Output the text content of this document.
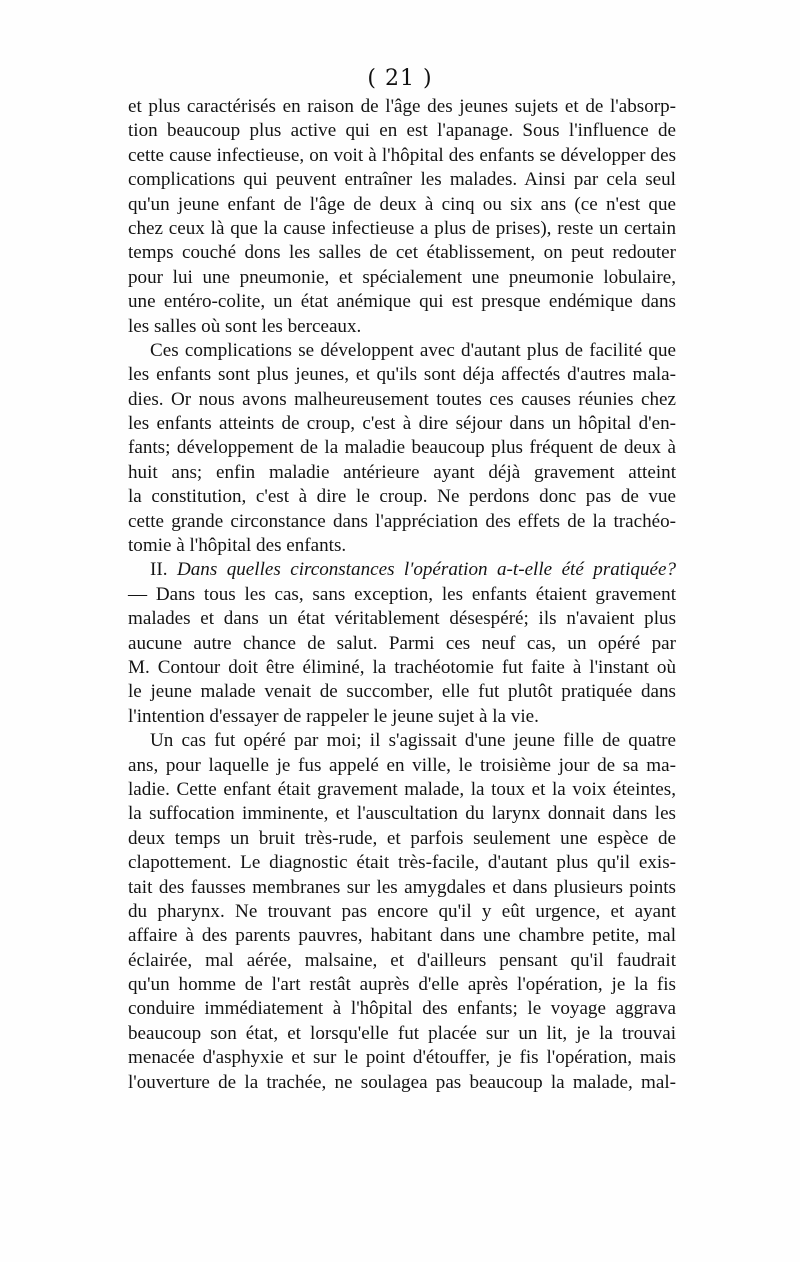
( 21 )
et plus caractérisés en raison de l'âge des jeunes sujets et de l'absorp-
tion beaucoup plus active qui en est l'apanage. Sous l'influence de
cette cause infectieuse, on voit à l'hôpital des enfants se développer des
complications qui peuvent entraîner les malades. Ainsi par cela seul
qu'un jeune enfant de l'âge de deux à cinq ou six ans (ce n'est que
chez ceux là que la cause infectieuse a plus de prises), reste un certain
temps couché dons les salles de cet établissement, on peut redouter
pour lui une pneumonie, et spécialement une pneumonie lobulaire,
une entéro-colite, un état anémique qui est presque endémique dans
les salles où sont les berceaux.
Ces complications se développent avec d'autant plus de facilité que
les enfants sont plus jeunes, et qu'ils sont déja affectés d'autres mala-
dies. Or nous avons malheureusement toutes ces causes réunies chez
les enfants atteints de croup, c'est à dire séjour dans un hôpital d'en-
fants; développement de la maladie beaucoup plus fréquent de deux à
huit ans; enfin maladie antérieure ayant déjà gravement atteint
la constitution, c'est à dire le croup. Ne perdons donc pas de vue
cette grande circonstance dans l'appréciation des effets de la trachéo-
tomie à l'hôpital des enfants.
II. Dans quelles circonstances l'opération a-t-elle été pratiquée?
— Dans tous les cas, sans exception, les enfants étaient gravement
malades et dans un état véritablement désespéré; ils n'avaient plus
aucune autre chance de salut. Parmi ces neuf cas, un opéré par
M. Contour doit être éliminé, la trachéotomie fut faite à l'instant où
le jeune malade venait de succomber, elle fut plutôt pratiquée dans
l'intention d'essayer de rappeler le jeune sujet à la vie.
Un cas fut opéré par moi; il s'agissait d'une jeune fille de quatre
ans, pour laquelle je fus appelé en ville, le troisième jour de sa ma-
ladie. Cette enfant était gravement malade, la toux et la voix éteintes,
la suffocation imminente, et l'auscultation du larynx donnait dans les
deux temps un bruit très-rude, et parfois seulement une espèce de
clapottement. Le diagnostic était très-facile, d'autant plus qu'il exis-
tait des fausses membranes sur les amygdales et dans plusieurs points
du pharynx. Ne trouvant pas encore qu'il y eût urgence, et ayant
affaire à des parents pauvres, habitant dans une chambre petite, mal
éclairée, mal aérée, malsaine, et d'ailleurs pensant qu'il faudrait
qu'un homme de l'art restât auprès d'elle après l'opération, je la fis
conduire immédiatement à l'hôpital des enfants; le voyage aggrava
beaucoup son état, et lorsqu'elle fut placée sur un lit, je la trouvai
menacée d'asphyxie et sur le point d'étouffer, je fis l'opération, mais
l'ouverture de la trachée, ne soulagea pas beaucoup la malade, mal-
